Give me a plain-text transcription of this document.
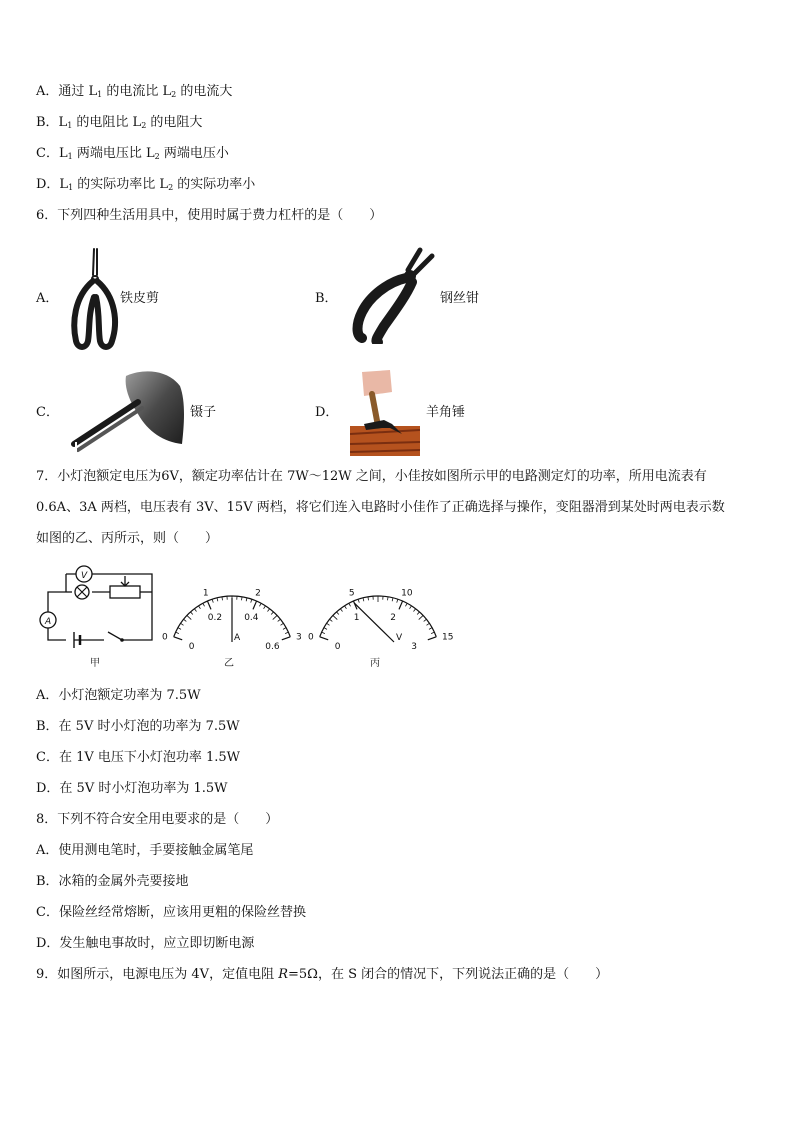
A．通过 $L_1$ 的电流比 $L_2$ 的电流大
B．$L_1$ 的电阻比 $L_2$ 的电阻大
C．$L_1$ 两端电压比 $L_2$ 两端电压小
D．$L_1$ 的实际功率比 $L_2$ 的实际功率小
6．下列四种生活用具中，使用时属于费力杠杆的是（　　）
A．	铁皮剪	B．	钢丝钳
C．	镊子	D．	羊角锤
7．小灯泡额定电压为6V，额定功率估计在 7W～12W 之间，小佳按如图所示甲的电路测定灯的功率，所用电流表有
0.6A、3A 两档，电压表有 3V、15V 两档，将它们连入电路时小佳作了正确选择与操作，变阻器滑到某处时两电表示数
如图的乙、丙所示，则（　　）
V
A
甲
1	2
3
0
0
0.2 0.4
0.6
A
乙
5	10
15
0
0
1	2
3
V
丙
A．小灯泡额定功率为 7.5W
B．在 5V 时小灯泡的功率为 7.5W
C．在 1V 电压下小灯泡功率 1.5W
D．在 5V 时小灯泡功率为 1.5W
8．下列不符合安全用电要求的是（　　）
A．使用测电笔时，手要接触金属笔尾
B．冰箱的金属外壳要接地
C．保险丝经常熔断，应该用更粗的保险丝替换
D．发生触电事故时，应立即切断电源
9．如图所示，电源电压为 4V，定值电阻 R=5Ω，在 S 闭合的情况下，下列说法正确的是（　　）
